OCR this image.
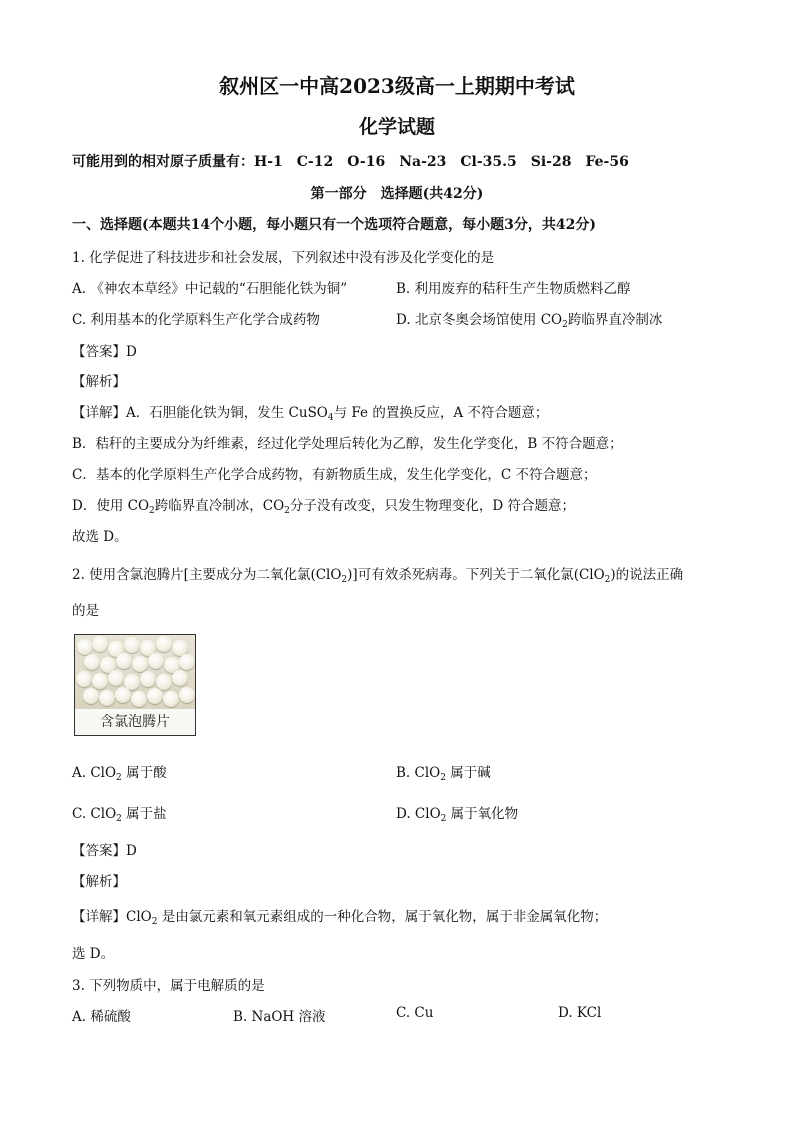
叙州区一中高2023级高一上期期中考试
化学试题
可能用到的相对原子质量有：H-1　C-12　O-16　Na-23　Cl-35.5　Si-28　Fe-56
第一部分　选择题(共42分)
一、选择题(本题共14个小题，每小题只有一个选项符合题意，每小题3分，共42分)
1. 化学促进了科技进步和社会发展，下列叙述中没有涉及化学变化的是
A. 《神农本草经》中记载的“石胆能化铁为铜”	B. 利用废弃的秸秆生产生物质燃料乙醇
C. 利用基本的化学原料生产化学合成药物	D. 北京冬奥会场馆使用 $CO_2$跨临界直冷制冰
【答案】D
【解析】
【详解】A．石胆能化铁为铜，发生 CuSO$_4$与 Fe 的置换反应，A 不符合题意；
B．秸秆的主要成分为纤维素，经过化学处理后转化为乙醇，发生化学变化，B 不符合题意；
C．基本的化学原料生产化学合成药物，有新物质生成，发生化学变化，C 不符合题意；
D．使用 $CO_2$跨临界直冷制冰，$CO_2$分子没有改变，只发生物理变化，D 符合题意；
故选 D。
2. 使用含氯泡腾片[主要成分为二氧化氯(ClO$_2$)]可有效杀死病毒。下列关于二氧化氯(ClO$_2$)的说法正确
的是
含氯泡腾片
A. ClO$_2$ 属于酸	B. ClO$_2$ 属于碱
C. ClO$_2$ 属于盐	D. ClO$_2$ 属于氧化物
【答案】D
【解析】
【详解】ClO$_2$ 是由氯元素和氧元素组成的一种化合物，属于氧化物，属于非金属氧化物；
选 D。
3. 下列物质中，属于电解质的是
A. 稀硫酸	B. NaOH 溶液	C. Cu	D. KCl
